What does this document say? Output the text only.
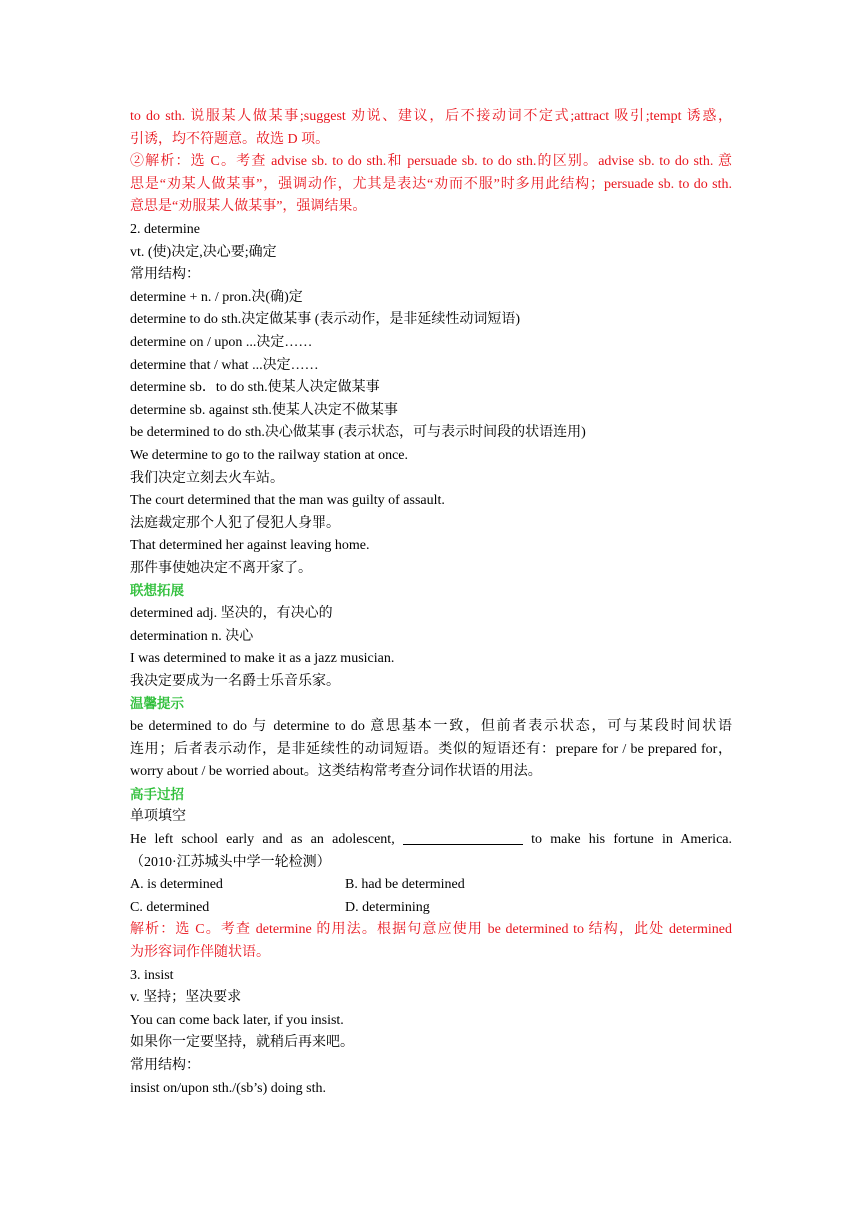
to do sth. 说服某人做某事;suggest 劝说、建议，后不接动词不定式;attract 吸引;tempt 诱惑，
引诱，均不符题意。故选 D 项。
②解析：选 C。考查 advise sb. to do sth.和 persuade sb. to do sth.的区别。advise sb. to do sth. 意
思是“劝某人做某事”，强调动作，尤其是表达“劝而不服”时多用此结构；persuade sb. to do sth.
意思是“劝服某人做某事”，强调结果。
2. determine
vt. (使)决定,决心要;确定
常用结构：
determine + n. / pron.决(确)定
determine to do sth.决定做某事 (表示动作，是非延续性动词短语)
determine on / upon ...决定……
determine that / what ...决定……
determine sb．to do sth.使某人决定做某事
determine sb. against sth.使某人决定不做某事
be determined to do sth.决心做某事 (表示状态，可与表示时间段的状语连用)
We determine to go to the railway station at once.
我们决定立刻去火车站。
The court determined that the man was guilty of assault.
法庭裁定那个人犯了侵犯人身罪。
That determined her against leaving home.
那件事使她决定不离开家了。
联想拓展
determined adj. 坚决的，有决心的
determination n. 决心
I was determined to make it as a jazz musician.
我决定要成为一名爵士乐音乐家。
温馨提示
be determined to do 与 determine to do 意思基本一致，但前者表示状态，可与某段时间状语
连用；后者表示动作，是非延续性的动词短语。类似的短语还有：prepare for / be prepared for，
worry about / be worried about。这类结构常考查分词作状语的用法。
高手过招
单项填空
He left school early and as an adolescent,	to make his fortune in America.
（2010·江苏城头中学一轮检测）
A. is determined	B. had be determined
C. determined	D. determining
解析：选 C。考查 determine 的用法。根据句意应使用 be determined to 结构，此处 determined
为形容词作伴随状语。
3. insist
v. 坚持；坚决要求
You can come back later, if you insist.
如果你一定要坚持，就稍后再来吧。
常用结构：
insist on/upon sth./(sb’s) doing sth.
